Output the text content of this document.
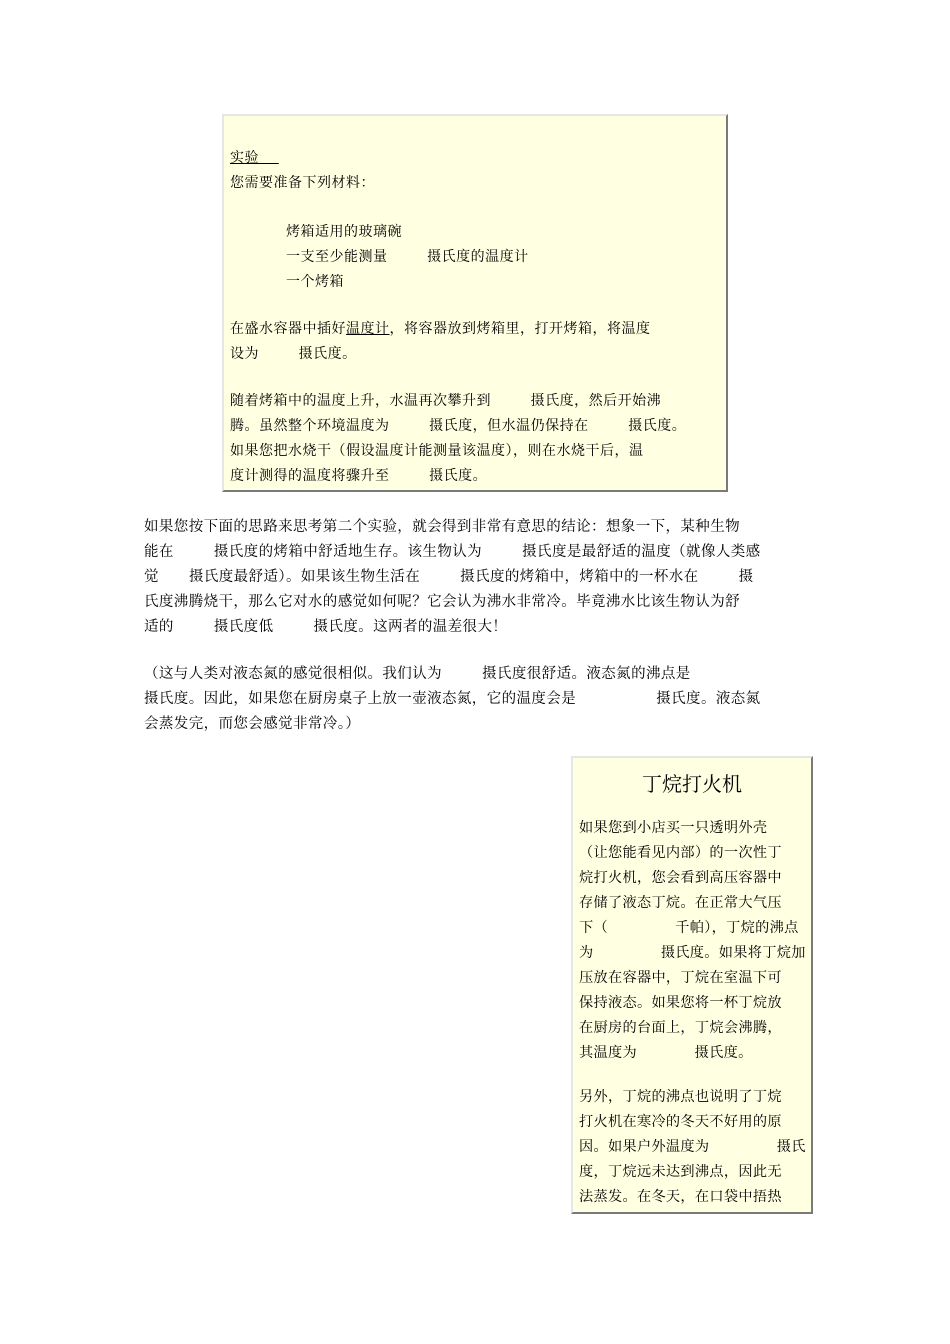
实验
您需要准备下列材料：
烤箱适用的玻璃碗
一支至少能测量        摄氏度的温度计
一个烤箱
在盛水容器中插好温度计，将容器放到烤箱里，打开烤箱，将温度
设为        摄氏度。
随着烤箱中的温度上升，水温再次攀升到        摄氏度，然后开始沸
腾。虽然整个环境温度为        摄氏度，但水温仍保持在        摄氏度。
如果您把水烧干（假设温度计能测量该温度），则在水烧干后，温
度计测得的温度将骤升至        摄氏度。
如果您按下面的思路来思考第二个实验，就会得到非常有意思的结论：想象一下，某种生物
能在        摄氏度的烤箱中舒适地生存。该生物认为        摄氏度是最舒适的温度（就像人类感
觉      摄氏度最舒适）。如果该生物生活在        摄氏度的烤箱中，烤箱中的一杯水在        摄
氏度沸腾烧干，那么它对水的感觉如何呢？它会认为沸水非常冷。毕竟沸水比该生物认为舒
适的        摄氏度低        摄氏度。这两者的温差很大！
（这与人类对液态氮的感觉很相似。我们认为        摄氏度很舒适。液态氮的沸点是
摄氏度。因此，如果您在厨房桌子上放一壶液态氮，它的温度会是                摄氏度。液态氮
会蒸发完，而您会感觉非常冷。）
丁烷打火机
如果您到小店买一只透明外壳
（让您能看见内部）的一次性丁
烷打火机，您会看到高压容器中
存储了液态丁烷。在正常大气压
下（              千帕），丁烷的沸点
为              摄氏度。如果将丁烷加
压放在容器中，丁烷在室温下可
保持液态。如果您将一杯丁烷放
在厨房的台面上，丁烷会沸腾，
其温度为            摄氏度。
另外，丁烷的沸点也说明了丁烷
打火机在寒冷的冬天不好用的原
因。如果户外温度为              摄氏
度，丁烷远未达到沸点，因此无
法蒸发。在冬天，在口袋中捂热
